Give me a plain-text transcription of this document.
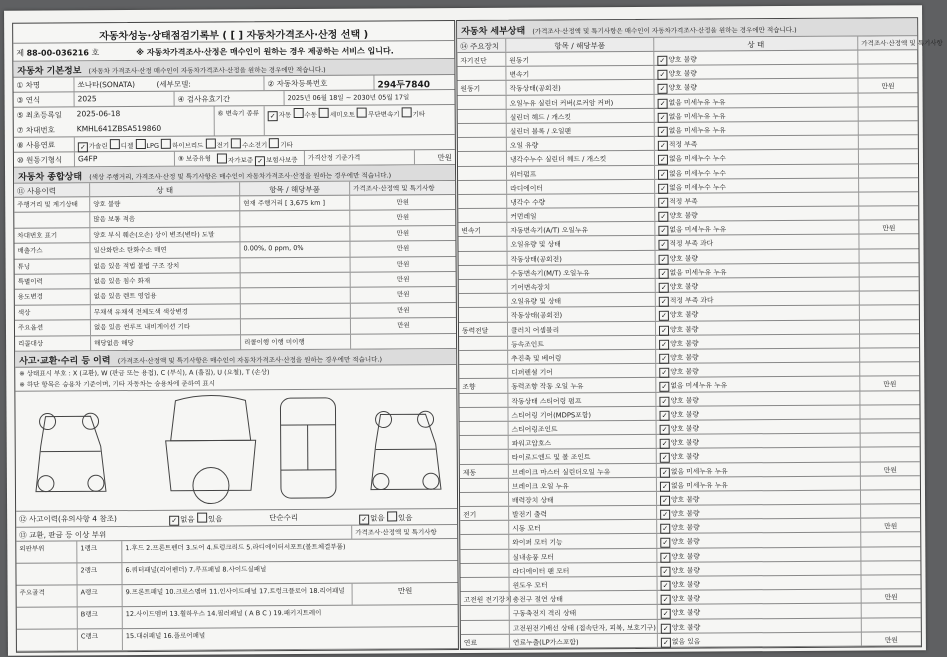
자동차성능·상태점검기록부 ( [ ] 자동차가격조사·산정 선택 )
제 88-00-036216 호	※ 자동차가격조사·산정은 매수인이 원하는 경우 제공하는 서비스 입니다.
자동차 기본정보 (자동차 가격조사·산정 매수인이 자동차가격조사·산정을 원하는 경우에만 적습니다.)
① 차명	쏘나타(SONATA)	(세부모델:	② 자동차등록번호	294두7840
③ 연식	2025	④ 검사유효기간	2025년 06월 18일 ~ 2030년 05월 17일
⑤ 최초등록일	2025-06-18
⑦ 차대번호	KMHL641ZBSA519860
⑥ 변속기 종류	✓ 자동 수동 세미오토 무단변속기 기타
⑧ 사용연료	✓ 가솔린 디젤 LPG 하이브리드 전기 수소전기 기타
⑩ 원동기형식	G4FP	⑨ 보증유형	자가보증 ✓ 보험사보증	가격산정 기준가격	만원
자동차 종합상태 (색상 주행거리, 가격조사·산정 및 특기사항은 매수인이 자동차가격조사·산정을 원하는 경우에만 적습니다.)
⑪ 사용이력	상 태	항목 / 해당부품	가격조사·산정액 및 특기사항
주행거리 및 계기상태	양호 불량	현재 주행거리 [ 3,675 km ]	만원
많음 보통 적음	만원
차대번호 표기	양호 부식 훼손(오손) 상이 변조(변타) 도말	만원
배출가스	일산화탄소 탄화수소 매연	0.00%, 0 ppm, 0%	만원
튜닝	없음 있음 적법 불법 구조 장치	만원
특별이력	없음 있음 침수 화재	만원
용도변경	없음 있음 렌트 영업용	만원
색상	무채색 유채색 전체도색 색상변경	만원
주요옵션	없음 있음 썬루프 내비게이션 기타	만원
리콜대상	해당없음 해당	리콜이행 이행 미이행
사고·교환·수리 등 이력 (가격조사·산정액 및 특기사항은 매수인이 자동차가격조사·산정을 원하는 경우에만 적습니다.)
※ 상태표시 부호 : X (교환), W (판금 또는 용접), C (부식), A (흠집), U (요철), T (손상)
※ 하단 항목은 승용차 기준이며, 기타 자동차는 승용차에 준하여 표시
⑫ 사고이력(유의사항 4 참조)	✓ 없음 있음	단순수리	✓ 없음 있음
⑬ 교환, 판금 등 이상 부위	가격조사·산정액 및 특기사항
외판부위	1랭크	1.후드 2.프론트펜더 3.도어 4.트렁크리드 5.라디에이터서포트(볼트체결부품)
2랭크	6.쿼터패널(리어펜더) 7.루프패널 8.사이드실패널
주요골격	A랭크	9.프론트패널 10.크로스멤버 11.인사이드패널 17.트렁크플로어 18.리어패널	만원
B랭크	12.사이드멤버 13.휠하우스 14.필러패널 ( A B C ) 19.패키지트레이
C랭크	15.대쉬패널 16.플로어패널
자동차 세부상태 (가격조사·산정액 및 특기사항은 매수인이 자동차가격조사·산정을 원하는 경우에만 적습니다.)
⑭ 주요장치	항목 / 해당부품	상 태	가격조사·산정액 및 특기사항
자기진단	원동기	✓ 양호 불량
변속기	✓ 양호 불량
원동기	작동상태(공회전)	✓ 양호 불량	만원
오일누유 실린더 커버(로커암 커버)	✓ 없음 미세누유 누유
실린더 헤드 / 개스킷	✓ 없음 미세누유 누유
실린더 블록 / 오일팬	✓ 없음 미세누유 누유
오일 유량	✓ 적정 부족
냉각수누수 실린더 헤드 / 개스킷	✓ 없음 미세누수 누수
워터펌프	✓ 없음 미세누수 누수
라디에이터	✓ 없음 미세누수 누수
냉각수 수량	✓ 적정 부족
커먼레일	✓ 양호 불량
변속기	자동변속기(A/T) 오일누유	✓ 없음 미세누유 누유	만원
오일유량 및 상태	✓ 적정 부족 과다
작동상태(공회전)	✓ 양호 불량
수동변속기(M/T) 오일누유	✓ 없음 미세누유 누유
기어변속장치	✓ 양호 불량
오일유량 및 상태	✓ 적정 부족 과다
작동상태(공회전)	✓ 양호 불량
동력전달	클러치 어셈블리	✓ 양호 불량
등속조인트	✓ 양호 불량
추진축 및 베어링	✓ 양호 불량
디퍼렌셜 기어	✓ 양호 불량
조향	동력조향 작동 오일 누유	✓ 없음 미세누유 누유	만원
작동상태 스티어링 펌프	✓ 양호 불량
스티어링 기어(MDPS포함)	✓ 양호 불량
스티어링조인트	✓ 양호 불량
파워고압호스	✓ 양호 불량
타이로드엔드 및 볼 조인트	✓ 양호 불량
제동	브레이크 마스터 실린더오일 누유	✓ 없음 미세누유 누유	만원
브레이크 오일 누유	✓ 없음 미세누유 누유
배력장치 상태	✓ 양호 불량
전기	발전기 출력	✓ 양호 불량
시동 모터	✓ 양호 불량	만원
와이퍼 모터 기능	✓ 양호 불량
실내송풍 모터	✓ 양호 불량
라디에이터 팬 모터	✓ 양호 불량
윈도우 모터	✓ 양호 불량
고전원 전기장치 충전구 절연 상태	✓ 양호 불량	만원
구동축전지 격리 상태	✓ 양호 불량
고전원전기배선 상태 (접속단자, 피복, 보호기구) ✓ 양호 불량
연료	연료누출(LP가스포함)	✓ 없음 있음	만원
